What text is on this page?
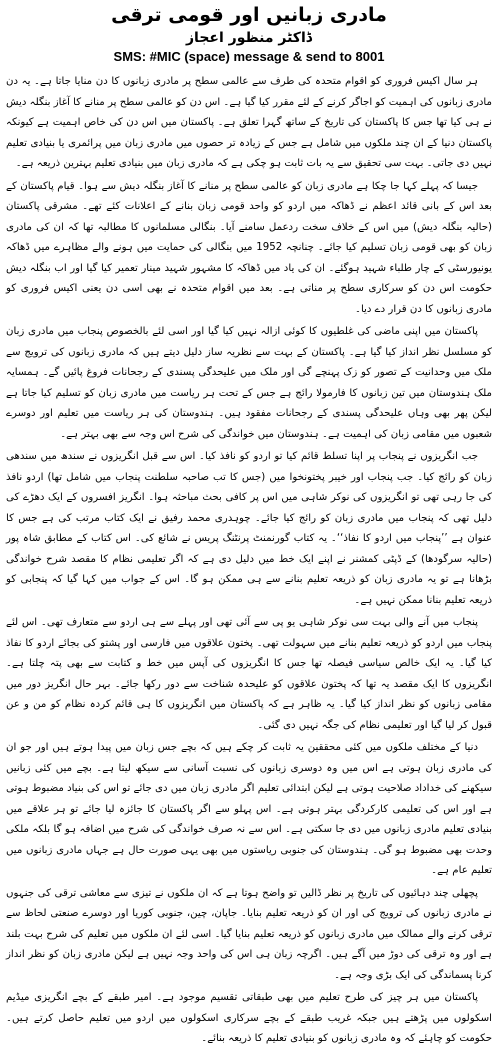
مادری زبانیں اور قومی ترقی
ڈاکٹر منظور اعجاز
SMS: #MIC (space) message & send to 8001
ہر سال اکیس فروری کو اقوام متحدہ کی طرف سے عالمی سطح پر مادری زبانوں کا دن منایا جاتا ہے۔ یہ دن مادری زبانوں کی اہمیت کو اجاگر کرنے کے لئے مقرر کیا گیا ہے۔ اس دن کو عالمی سطح پر منانے کا آغاز بنگلہ دیش نے ہی کیا تھا جس کا پاکستان کی تاریخ کے ساتھ گہرا تعلق ہے۔ پاکستان میں اس دن کی خاص اہمیت ہے کیونکہ پاکستان دنیا کے ان چند ملکوں میں شامل ہے جس کے زیادہ تر حصوں میں مادری زبان میں پرائمری یا بنیادی تعلیم نہیں دی جاتی۔ بہت سی تحقیق سے یہ بات ثابت ہو چکی ہے کہ مادری زبان میں بنیادی تعلیم بہترین ذریعہ ہے۔
جیسا کہ پہلے کہا جا چکا ہے مادری زبان کو عالمی سطح پر منانے کا آغاز بنگلہ دیش سے ہوا۔ قیام پاکستان کے بعد اس کے بانی قائد اعظم نے ڈھاکہ میں اردو کو واحد قومی زبان بنانے کے اعلانات کئے تھے۔ مشرقی پاکستان (حالیہ بنگلہ دیش) میں اس کے خلاف سخت ردعمل سامنے آیا۔ بنگالی مسلمانوں کا مطالبہ تھا کہ ان کی مادری زبان کو بھی قومی زبان تسلیم کیا جائے۔ چنانچہ 1952 میں بنگالی کی حمایت میں ہونے والے مظاہرے میں ڈھاکہ یونیورسٹی کے چار طلباء شہید ہوگئے۔ ان کی یاد میں ڈھاکہ کا مشہور شہید مینار تعمیر کیا گیا اور اب بنگلہ دیش حکومت اس دن کو سرکاری سطح پر مناتی ہے۔ بعد میں اقوام متحدہ نے بھی اسی دن یعنی اکیس فروری کو مادری زبانوں کا دن قرار دے دیا۔
پاکستان میں اپنی ماضی کی غلطیوں کا کوئی ازالہ نہیں کیا گیا اور اسی لئے بالخصوص پنجاب میں مادری زبان کو مسلسل نظر انداز کیا گیا ہے۔ پاکستان کے بہت سے نظریہ ساز دلیل دیتے ہیں کہ مادری زبانوں کی ترویج سے ملک میں وحدانیت کے تصور کو زک پہنچے گی اور ملک میں علیحدگی پسندی کے رجحانات فروغ پائیں گے۔ ہمسایہ ملک ہندوستان میں تین زبانوں کا فارمولا رائج ہے جس کے تحت ہر ریاست میں مادری زبان کو تسلیم کیا جاتا ہے لیکن پھر بھی وہاں علیحدگی پسندی کے رجحانات مفقود ہیں۔ ہندوستان کی ہر ریاست میں تعلیم اور دوسرے شعبوں میں مقامی زبان کی اہمیت ہے۔ ہندوستان میں خواندگی کی شرح اس وجہ سے بھی بہتر ہے۔
جب انگریزوں نے پنجاب پر اپنا تسلط قائم کیا تو اردو کو نافذ کیا۔ اس سے قبل انگریزوں نے سندھ میں سندھی زبان کو رائج کیا۔ جب پنجاب اور خیبر پختونخوا میں (جس کا تب صاحبہ سلطنت پنجاب میں شامل تھا) اردو نافذ کی جا رہی تھی تو انگریزوں کی نوکر شاہی میں اس پر کافی بحث مباحثہ ہوا۔ انگریز افسروں کے ایک دھڑے کی دلیل تھی کہ پنجاب میں مادری زبان کو رائج کیا جائے۔ چوہدری محمد رفیق نے ایک کتاب مرتب کی ہے جس کا عنوان ہے ’’پنجاب میں اردو کا نفاذ‘‘۔ یہ کتاب گورنمنٹ پرنٹنگ پریس نے شائع کی۔ اس کتاب کے مطابق شاہ پور (حالیہ سرگودھا) کے ڈپٹی کمشنر نے اپنے ایک خط میں دلیل دی ہے کہ اگر تعلیمی نظام کا مقصد شرح خواندگی بڑھانا ہے تو یہ مادری زبان کو ذریعہ تعلیم بنانے سے ہی ممکن ہو گا۔ اس کے جواب میں کہا گیا کہ پنجابی کو ذریعہ تعلیم بنانا ممکن نہیں ہے۔
پنجاب میں آنے والی بہت سی نوکر شاہی یو پی سے آئی تھی اور پہلے سے ہی اردو سے متعارف تھی۔ اس لئے پنجاب میں اردو کو ذریعہ تعلیم بنانے میں سہولت تھی۔ پختون علاقوں میں فارسی اور پشتو کی بجائے اردو کا نفاذ کیا گیا۔ یہ ایک خالص سیاسی فیصلہ تھا جس کا انگریزوں کی آپس میں خط و کتابت سے بھی پتہ چلتا ہے۔ انگریزوں کا ایک مقصد یہ تھا کہ پختون علاقوں کو علیحدہ شناخت سے دور رکھا جائے۔ بہر حال انگریز دور میں مقامی زبانوں کو نظر انداز کیا گیا۔ یہ ظاہر ہے کہ پاکستان میں انگریزوں کا ہی قائم کردہ نظام کو من و عن قبول کر لیا گیا اور تعلیمی نظام کی جگہ نہیں دی گئی۔
دنیا کے مختلف ملکوں میں کئی محققین یہ ثابت کر چکے ہیں کہ بچے جس زبان میں پیدا ہوتے ہیں اور جو ان کی مادری زبان ہوتی ہے اس میں وہ دوسری زبانوں کی نسبت آسانی سے سیکھ لیتا ہے۔ بچے میں کئی زبانیں سیکھنے کی خداداد صلاحیت ہوتی ہے لیکن ابتدائی تعلیم اگر مادری زبان میں دی جائے تو اس کی بنیاد مضبوط ہوتی ہے اور اس کی تعلیمی کارکردگی بہتر ہوتی ہے۔ اس پہلو سے اگر پاکستان کا جائزہ لیا جائے تو ہر علاقے میں بنیادی تعلیم مادری زبانوں میں دی جا سکتی ہے۔ اس سے نہ صرف خواندگی کی شرح میں اضافہ ہو گا بلکہ ملکی وحدت بھی مضبوط ہو گی۔ ہندوستان کی جنوبی ریاستوں میں بھی یہی صورت حال ہے جہاں مادری زبانوں میں تعلیم عام ہے۔
پچھلی چند دہائیوں کی تاریخ پر نظر ڈالیں تو واضح ہوتا ہے کہ ان ملکوں نے تیزی سے معاشی ترقی کی جنہوں نے مادری زبانوں کی ترویج کی اور ان کو ذریعہ تعلیم بنایا۔ جاپان، چین، جنوبی کوریا اور دوسرے صنعتی لحاظ سے ترقی کرنے والے ممالک میں مادری زبانوں کو ذریعہ تعلیم بنایا گیا۔ اسی لئے ان ملکوں میں تعلیم کی شرح بہت بلند ہے اور وہ ترقی کی دوڑ میں آگے ہیں۔ اگرچہ زبان ہی اس کی واحد وجہ نہیں ہے لیکن مادری زبان کو نظر انداز کرنا پسماندگی کی ایک بڑی وجہ ہے۔
پاکستان میں ہر چیز کی طرح تعلیم میں بھی طبقاتی تقسیم موجود ہے۔ امیر طبقے کے بچے انگریزی میڈیم اسکولوں میں پڑھتے ہیں جبکہ غریب طبقے کے بچے سرکاری اسکولوں میں اردو میں تعلیم حاصل کرتے ہیں۔ حکومت کو چاہئے کہ وہ مادری زبانوں کو بنیادی تعلیم کا ذریعہ بنائے۔
